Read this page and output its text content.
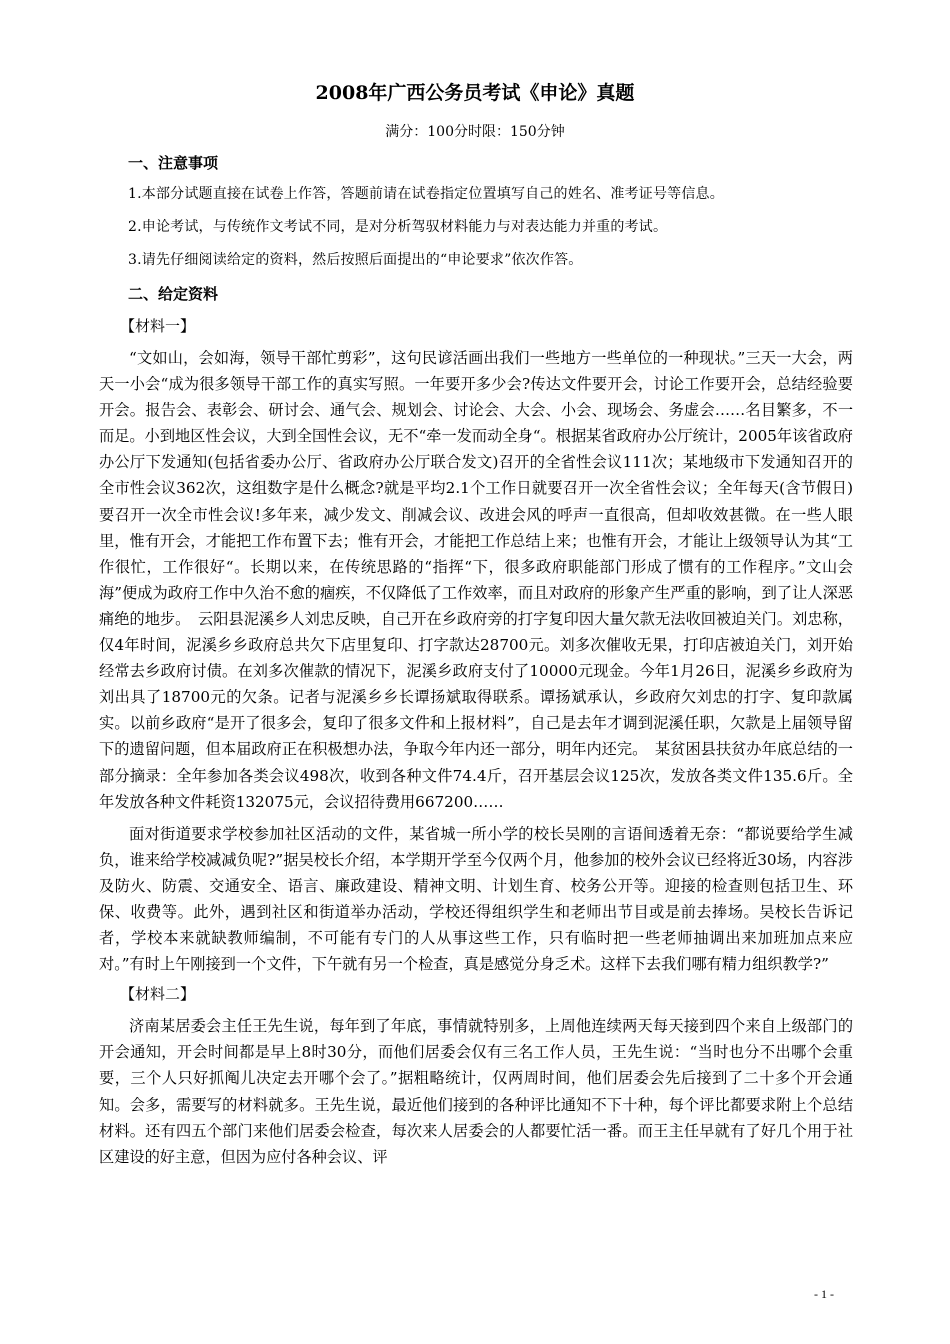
2008年广西公务员考试《申论》真题
满分：100分时限：150分钟
一、注意事项
1.本部分试题直接在试卷上作答，答题前请在试卷指定位置填写自己的姓名、准考证号等信息。
2.申论考试，与传统作文考试不同，是对分析驾驭材料能力与对表达能力并重的考试。
3.请先仔细阅读给定的资料，然后按照后面提出的“申论要求”依次作答。
二、给定资料
【材料一】

“文如山，会如海，领导干部忙剪彩”，这句民谚活画出我们一些地方一些单位的一种现状。”三天一大会，两天一小会“成为很多领导干部工作的真实写照。一年要开多少会?传达文件要开会，讨论工作要开会，总结经验要开会。报告会、表彰会、研讨会、通气会、规划会、讨论会、大会、小会、现场会、务虚会……名目繁多，不一而足。小到地区性会议，大到全国性会议，无不“牵一发而动全身“。根据某省政府办公厅统计，2005年该省政府办公厅下发通知(包括省委办公厅、省政府办公厅联合发文)召开的全省性会议111次；某地级市下发通知召开的全市性会议362次，这组数字是什么概念?就是平均2.1个工作日就要召开一次全省性会议；全年每天(含节假日)要召开一次全市性会议!多年来，减少发文、削减会议、改进会风的呼声一直很高，但却收效甚微。在一些人眼里，惟有开会，才能把工作布置下去；惟有开会，才能把工作总结上来；也惟有开会，才能让上级领导认为其“工作很忙，工作很好“。长期以来，在传统思路的“指挥“下，很多政府职能部门形成了惯有的工作程序。”文山会海”便成为政府工作中久治不愈的痼疾，不仅降低了工作效率，而且对政府的形象产生严重的影响，到了让人深恶痛绝的地步。　云阳县泥溪乡人刘忠反映，自己开在乡政府旁的打字复印因大量欠款无法收回被迫关门。刘忠称，仅4年时间，泥溪乡乡政府总共欠下店里复印、打字款达28700元。刘多次催收无果，打印店被迫关门，刘开始经常去乡政府讨债。在刘多次催款的情况下，泥溪乡政府支付了10000元现金。今年1月26日，泥溪乡乡政府为刘出具了18700元的欠条。记者与泥溪乡乡长谭扬斌取得联系。谭扬斌承认，乡政府欠刘忠的打字、复印款属实。以前乡政府“是开了很多会，复印了很多文件和上报材料”，自己是去年才调到泥溪任职，欠款是上届领导留下的遗留问题，但本届政府正在积极想办法，争取今年内还一部分，明年内还完。　某贫困县扶贫办年底总结的一部分摘录：全年参加各类会议498次，收到各种文件74.4斤，召开基层会议125次，发放各类文件135.6斤。全年发放各种文件耗资132075元，会议招待费用667200……

面对街道要求学校参加社区活动的文件，某省城一所小学的校长吴刚的言语间透着无奈：“都说要给学生减负，谁来给学校减减负呢?”据吴校长介绍，本学期开学至今仅两个月，他参加的校外会议已经将近30场，内容涉及防火、防震、交通安全、语言、廉政建设、精神文明、计划生育、校务公开等。迎接的检查则包括卫生、环保、收费等。此外，遇到社区和街道举办活动，学校还得组织学生和老师出节目或是前去捧场。吴校长告诉记者，学校本来就缺教师编制，不可能有专门的人从事这些工作，只有临时把一些老师抽调出来加班加点来应对。”有时上午刚接到一个文件，下午就有另一个检查，真是感觉分身乏术。这样下去我们哪有精力组织教学?”

【材料二】

济南某居委会主任王先生说，每年到了年底，事情就特别多，上周他连续两天每天接到四个来自上级部门的开会通知，开会时间都是早上8时30分，而他们居委会仅有三名工作人员，王先生说：“当时也分不出哪个会重要，三个人只好抓阄儿决定去开哪个会了。”据粗略统计，仅两周时间，他们居委会先后接到了二十多个开会通知。会多，需要写的材料就多。王先生说，最近他们接到的各种评比通知不下十种，每个评比都要求附上个总结材料。还有四五个部门来他们居委会检查，每次来人居委会的人都要忙活一番。而王主任早就有了好几个用于社区建设的好主意，但因为应付各种会议、评

- 1 -
